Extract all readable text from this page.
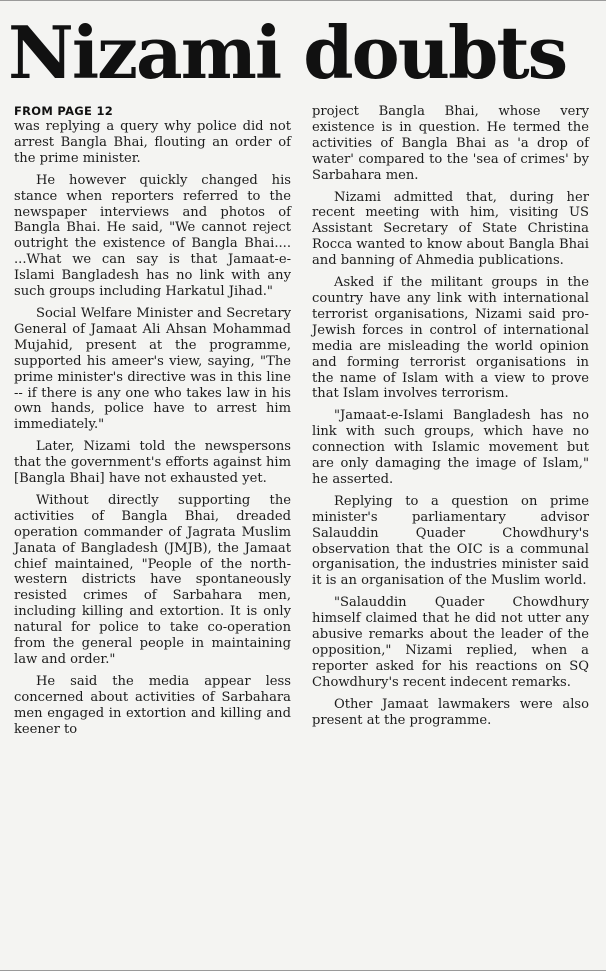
Nizami doubts
FROM PAGE 12

was replying a query why police did not arrest Bangla Bhai, flouting an order of the prime minister.

He however quickly changed his stance when reporters referred to the newspaper interviews and photos of Bangla Bhai. He said, "We cannot reject outright the existence of Bangla Bhai.... ...What we can say is that Jamaat-e-Islami Bangladesh has no link with any such groups including Harkatul Jihad."

Social Welfare Minister and Secretary General of Jamaat Ali Ahsan Mohammad Mujahid, present at the programme, supported his ameer's view, saying, "The prime minister's directive was in this line -- if there is any one who takes law in his own hands, police have to arrest him immediately."

Later, Nizami told the newspersons that the government's efforts against him [Bangla Bhai] have not exhausted yet.

Without directly supporting the activities of Bangla Bhai, dreaded operation commander of Jagrata Muslim Janata of Bangladesh (JMJB), the Jamaat chief maintained, "People of the north-western districts have spontaneously resisted crimes of Sarbahara men, including killing and extortion. It is only natural for police to take co-operation from the general people in maintaining law and order."

He said the media appear less concerned about activities of Sarbahara men engaged in extortion and killing and keener to

project Bangla Bhai, whose very existence is in question. He termed the activities of Bangla Bhai as 'a drop of water' compared to the 'sea of crimes' by Sarbahara men.

Nizami admitted that, during her recent meeting with him, visiting US Assistant Secretary of State Christina Rocca wanted to know about Bangla Bhai and banning of Ahmedia publications.

Asked if the militant groups in the country have any link with international terrorist organisations, Nizami said pro-Jewish forces in control of international media are misleading the world opinion and forming terrorist organisations in the name of Islam with a view to prove that Islam involves terrorism.

"Jamaat-e-Islami Bangladesh has no link with such groups, which have no connection with Islamic movement but are only damaging the image of Islam," he asserted.

Replying to a question on prime minister's parliamentary advisor Salauddin Quader Chowdhury's observation that the OIC is a communal organisation, the industries minister said it is an organisation of the Muslim world.

"Salauddin Quader Chowdhury himself claimed that he did not utter any abusive remarks about the leader of the opposition," Nizami replied, when a reporter asked for his reactions on SQ Chowdhury's recent indecent remarks.

Other Jamaat lawmakers were also present at the programme.
